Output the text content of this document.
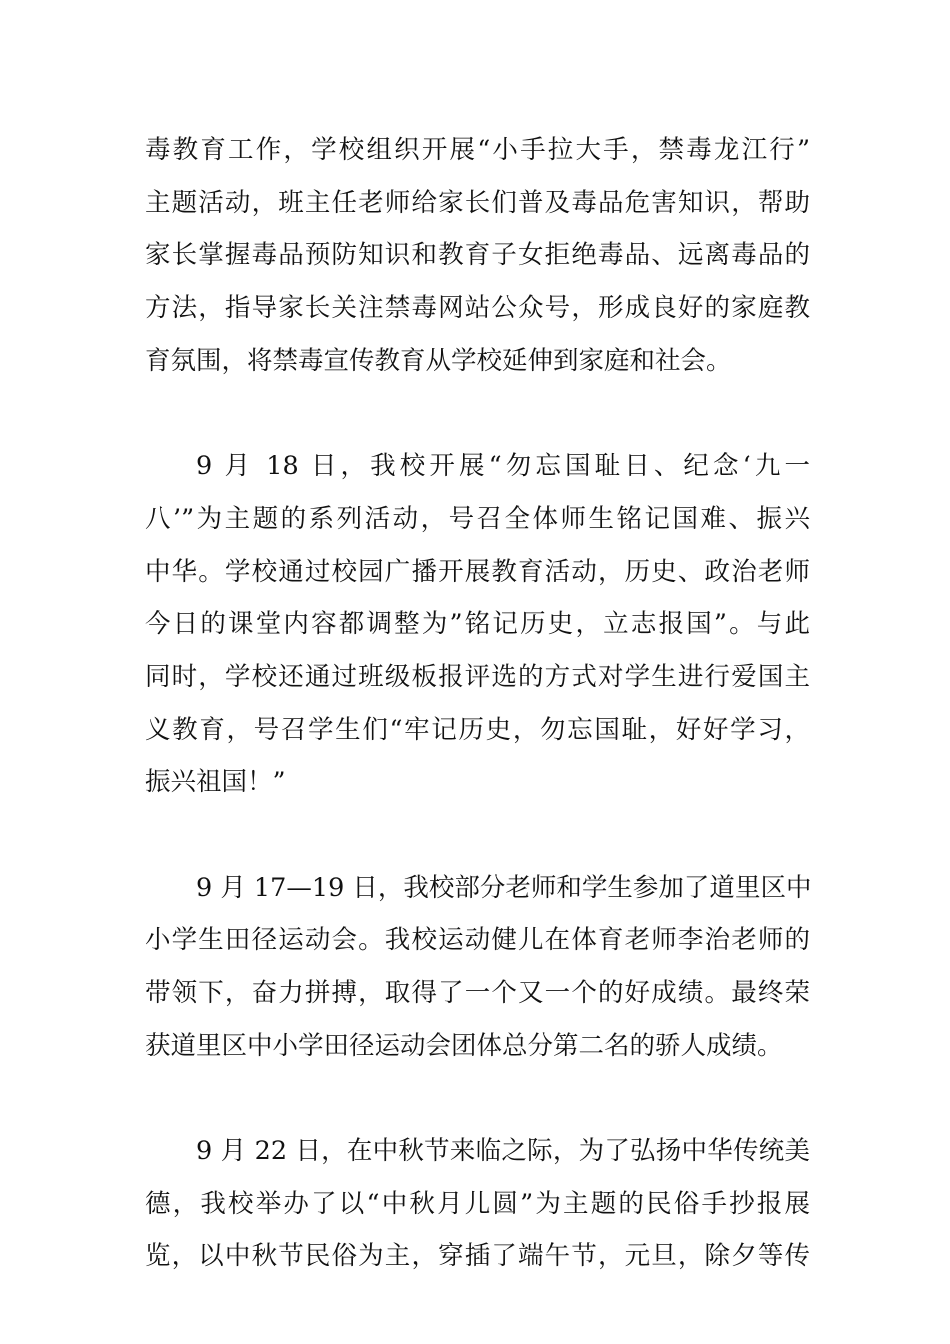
毒教育工作，学校组织开展“小手拉大手，禁毒龙江行”
主题活动，班主任老师给家长们普及毒品危害知识，帮助
家长掌握毒品预防知识和教育子女拒绝毒品、远离毒品的
方法，指导家长关注禁毒网站公众号，形成良好的家庭教
育氛围，将禁毒宣传教育从学校延伸到家庭和社会。
9 月 18 日，我校开展“勿忘国耻日、纪念‘九一
八’”为主题的系列活动，号召全体师生铭记国难、振兴
中华。学校通过校园广播开展教育活动，历史、政治老师
今日的课堂内容都调整为”铭记历史，立志报国”。与此
同时，学校还通过班级板报评选的方式对学生进行爱国主
义教育，号召学生们“牢记历史，勿忘国耻，好好学习，
振兴祖国！”
9 月 17—19 日，我校部分老师和学生参加了道里区中
小学生田径运动会。我校运动健儿在体育老师李治老师的
带领下，奋力拼搏，取得了一个又一个的好成绩。最终荣
获道里区中小学田径运动会团体总分第二名的骄人成绩。
9 月 22 日，在中秋节来临之际，为了弘扬中华传统美
德，我校举办了以“中秋月儿圆”为主题的民俗手抄报展
览，以中秋节民俗为主，穿插了端午节，元旦，除夕等传
